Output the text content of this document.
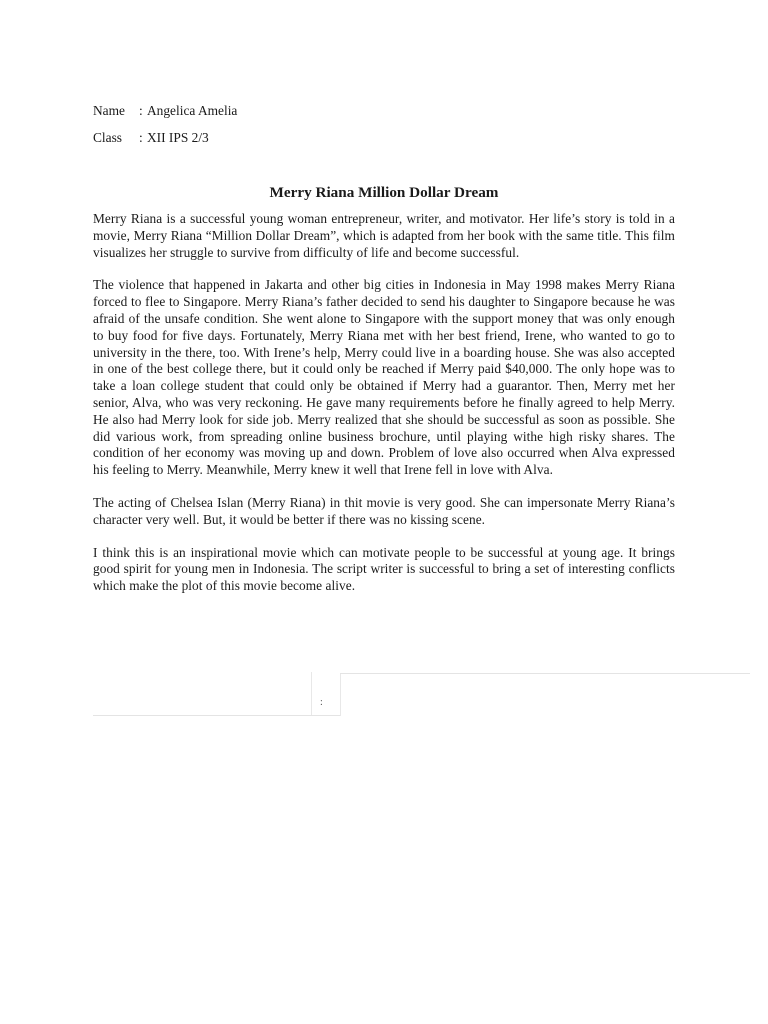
Name : Angelica Amelia
Class : XII IPS 2/3
Merry Riana Million Dollar Dream

Merry Riana is a successful young woman entrepreneur, writer, and motivator. Her life’s story is told in a movie, Merry Riana “Million Dollar Dream”, which is adapted from her book with the same title. This film visualizes her struggle to survive from difficulty of life and become successful.

The violence that happened in Jakarta and other big cities in Indonesia in May 1998 makes Merry Riana forced to flee to Singapore. Merry Riana’s father decided to send his daughter to Singapore because he was afraid of the unsafe condition. She went alone to Singapore with the support money that was only enough to buy food for five days. Fortunately, Merry Riana met with her best friend, Irene, who wanted to go to university in the there, too. With Irene’s help, Merry could live in a boarding house. She was also accepted in one of the best college there, but it could only be reached if Merry paid $40,000. The only hope was to take a loan college student that could only be obtained if Merry had a guarantor. Then, Merry met her senior, Alva, who was very reckoning. He gave many requirements before he finally agreed to help Merry. He also had Merry look for side job. Merry realized that she should be successful as soon as possible. She did various work, from spreading online business brochure, until playing withe high risky shares. The condition of her economy was moving up and down. Problem of love also occurred when Alva expressed his feeling to Merry. Meanwhile, Merry knew it well that Irene fell in love with Alva.

The acting of Chelsea Islan (Merry Riana) in thit movie is very good. She can impersonate Merry Riana’s character very well. But, it would be better if there was no kissing scene.

I think this is an inspirational movie which can motivate people to be successful at young age. It brings good spirit for young men in Indonesia. The script writer is successful to bring a set of interesting conflicts which make the plot of this movie become alive.

:
